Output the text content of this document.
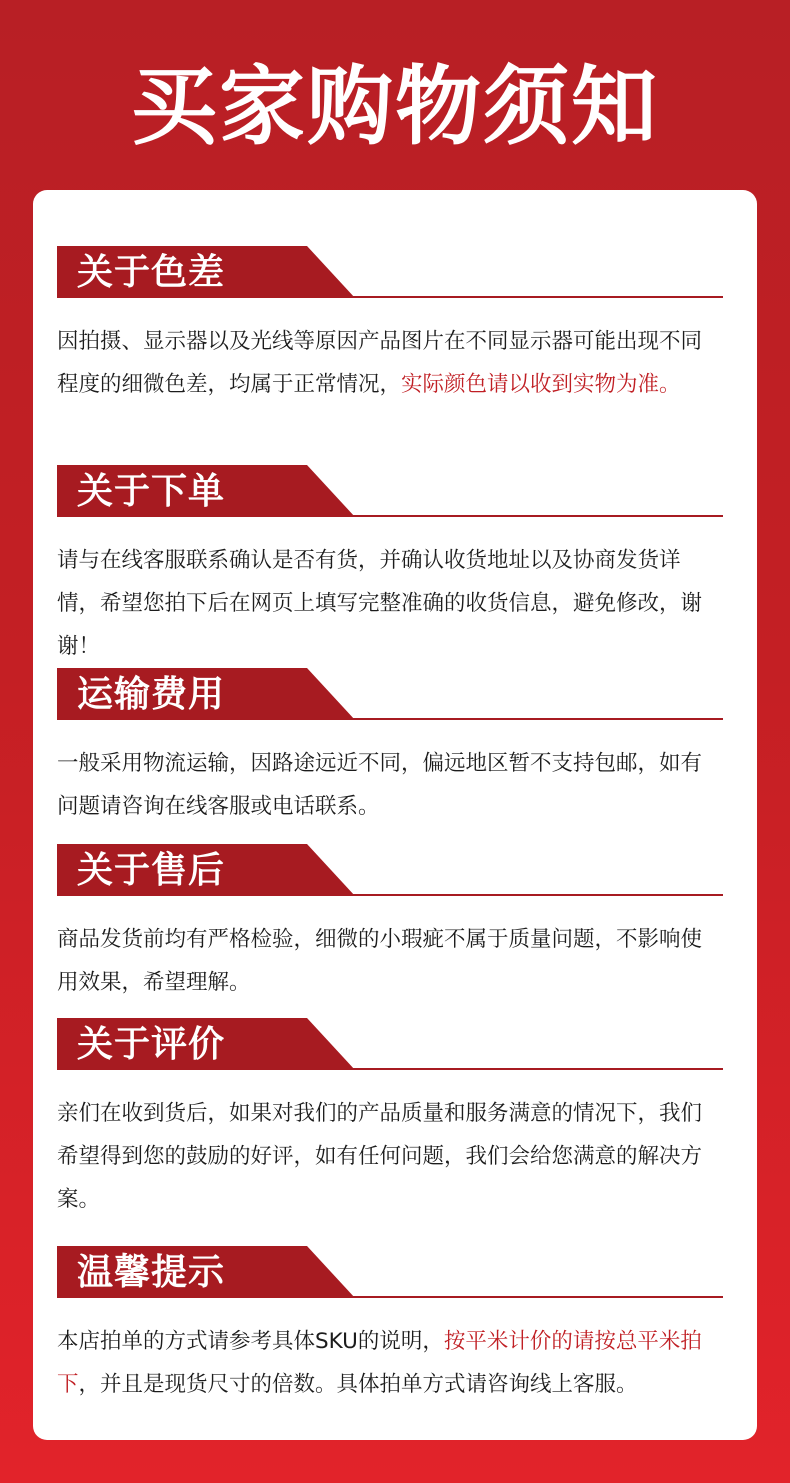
买家购物须知
关于色差
因拍摄、显示器以及光线等原因产品图片在不同显示器可能出现不同程度的细微色差，均属于正常情况，实际颜色请以收到实物为准。
关于下单
请与在线客服联系确认是否有货，并确认收货地址以及协商发货详情，希望您拍下后在网页上填写完整准确的收货信息，避免修改，谢谢！
运输费用
一般采用物流运输，因路途远近不同，偏远地区暂不支持包邮，如有问题请咨询在线客服或电话联系。
关于售后
商品发货前均有严格检验，细微的小瑕疵不属于质量问题，不影响使用效果，希望理解。
关于评价
亲们在收到货后，如果对我们的产品质量和服务满意的情况下，我们希望得到您的鼓励的好评，如有任何问题，我们会给您满意的解决方案。
温馨提示
本店拍单的方式请参考具体SKU的说明，按平米计价的请按总平米拍下，并且是现货尺寸的倍数。具体拍单方式请咨询线上客服。
